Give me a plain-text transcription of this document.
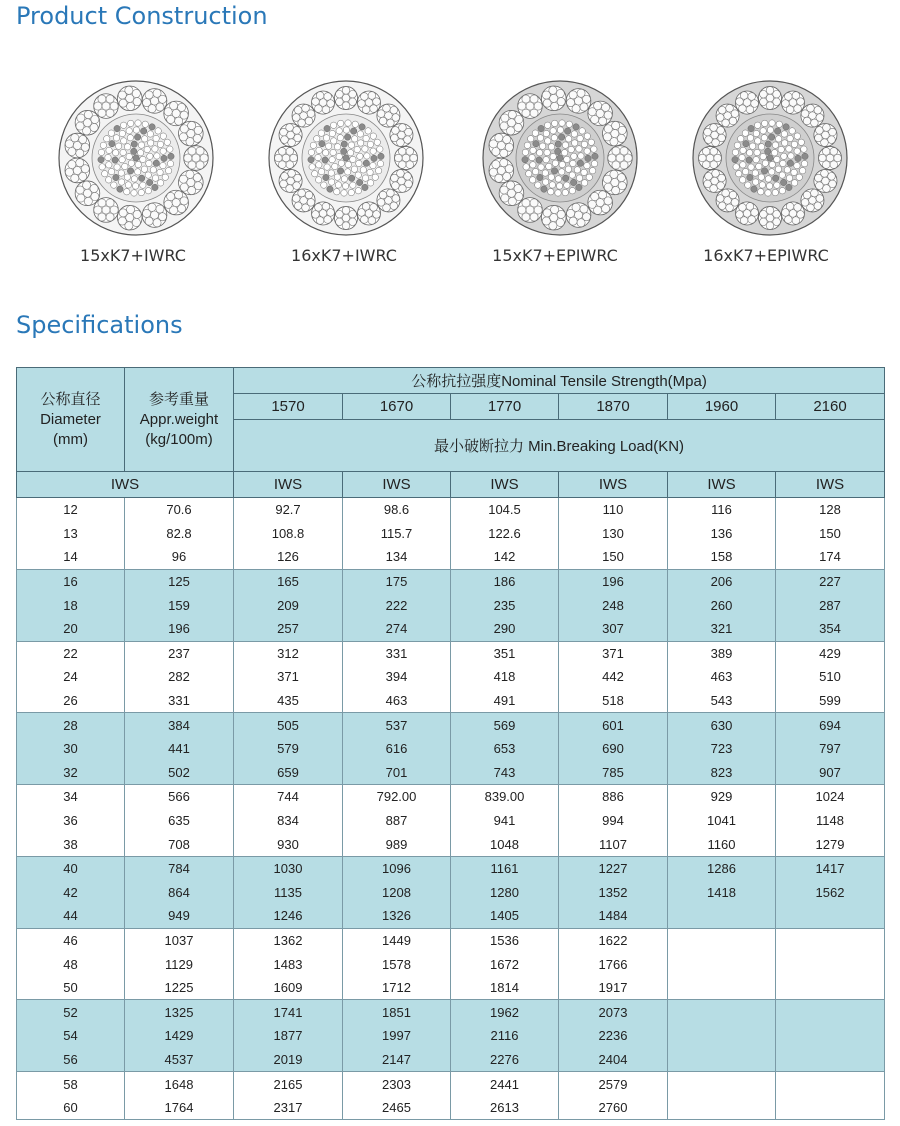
Product Construction
15xK7+IWRC	16xK7+IWRC	15xK7+EPIWRC	16xK7+EPIWRC
Specifications
公称直径
Diameter
(mm)	参考重量
Appr.weight
(kg/100m)	公称抗拉强度Nominal Tensile Strength(Mpa)					
		1570	1670	1770	1870	1960	2160
		最小破断拉力 Min.Breaking Load(KN)					
IWS		IWS	IWS	IWS	IWS	IWS	IWS
12	70.6	92.7	98.6	104.5	110	116	128
13	82.8	108.8	115.7	122.6	130	136	150
14	96	126	134	142	150	158	174
16	125	165	175	186	196	206	227
18	159	209	222	235	248	260	287
20	196	257	274	290	307	321	354
22	237	312	331	351	371	389	429
24	282	371	394	418	442	463	510
26	331	435	463	491	518	543	599
28	384	505	537	569	601	630	694
30	441	579	616	653	690	723	797
32	502	659	701	743	785	823	907
34	566	744	792.00	839.00	886	929	1024
36	635	834	887	941	994	1041	1148
38	708	930	989	1048	1107	1160	1279
40	784	1030	1096	1161	1227	1286	1417
42	864	1135	1208	1280	1352	1418	1562
44	949	1246	1326	1405	1484		
46	1037	1362	1449	1536	1622		
48	1129	1483	1578	1672	1766		
50	1225	1609	1712	1814	1917		
52	1325	1741	1851	1962	2073		
54	1429	1877	1997	2116	2236		
56	4537	2019	2147	2276	2404		
58	1648	2165	2303	2441	2579		
60	1764	2317	2465	2613	2760		
